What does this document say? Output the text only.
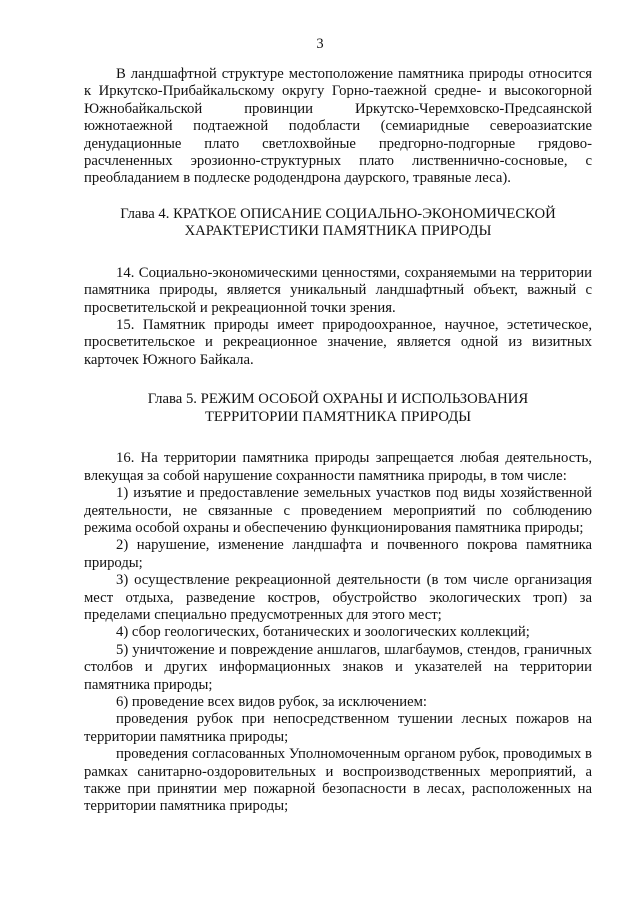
3

В ландшафтной структуре местоположение памятника природы относится к Иркутско-Прибайкальскому округу Горно-таежной средне- и высокогорной Южнобайкальской провинции Иркутско-Черемховско-Предсаянской южнотаежной подтаежной подобласти (семиаридные североазиатские денудационные плато светлохвойные предгорно-подгорные грядово-расчлененных эрозионно-структурных плато лиственнично-сосновые, с преобладанием в подлеске рододендрона даурского, травяные леса).

Глава 4. КРАТКОЕ ОПИСАНИЕ СОЦИАЛЬНО-ЭКОНОМИЧЕСКОЙ
ХАРАКТЕРИСТИКИ ПАМЯТНИКА ПРИРОДЫ

14. Социально-экономическими ценностями, сохраняемыми на территории памятника природы, является уникальный ландшафтный объект, важный с просветительской и рекреационной точки зрения.

15. Памятник природы имеет природоохранное, научное, эстетическое, просветительское и рекреационное значение, является одной из визитных карточек Южного Байкала.

Глава 5. РЕЖИМ ОСОБОЙ ОХРАНЫ И ИСПОЛЬЗОВАНИЯ
ТЕРРИТОРИИ ПАМЯТНИКА ПРИРОДЫ

16. На территории памятника природы запрещается любая деятельность, влекущая за собой нарушение сохранности памятника природы, в том числе:

1) изъятие и предоставление земельных участков под виды хозяйственной деятельности, не связанные с проведением мероприятий по соблюдению режима особой охраны и обеспечению функционирования памятника природы;

2) нарушение, изменение ландшафта и почвенного покрова памятника природы;

3) осуществление рекреационной деятельности (в том числе организация мест отдыха, разведение костров, обустройство экологических троп) за пределами специально предусмотренных для этого мест;

4) сбор геологических, ботанических и зоологических коллекций;

5) уничтожение и повреждение аншлагов, шлагбаумов, стендов, граничных столбов и других информационных знаков и указателей на территории памятника природы;

6) проведение всех видов рубок, за исключением:

проведения рубок при непосредственном тушении лесных пожаров на территории памятника природы;

проведения согласованных Уполномоченным органом рубок, проводимых в рамках санитарно-оздоровительных и воспроизводственных мероприятий, а также при принятии мер пожарной безопасности в лесах, расположенных на территории памятника природы;
